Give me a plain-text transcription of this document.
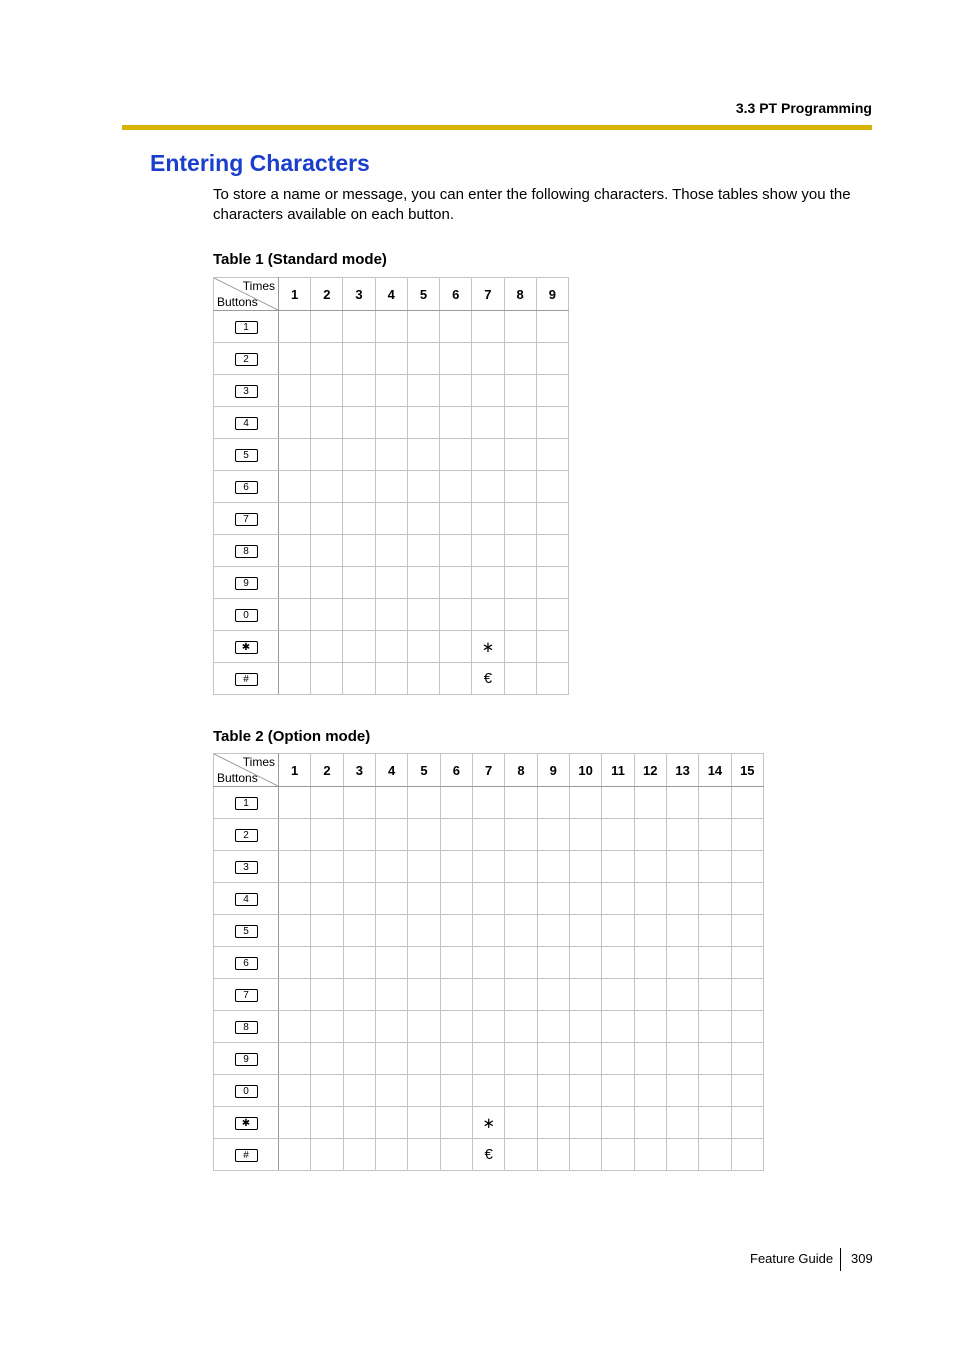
3.3 PT Programming
Entering Characters

To store a name or message, you can enter the following characters. Those tables show you the characters available on each button.

Table 1 (Standard mode)
Times
Buttons	1	2	3	4	5	6	7	8	9
1									
2									
3									
4									
5									
6									
7									
8									
9									
0									
✱							∗		
#							€		
Table 2 (Option mode)
Times
Buttons	1	2	3	4	5	6	7	8	9	10	11	12	13	14	15
1															
2															
3															
4															
5															
6															
7															
8															
9															
0															
✱							∗								
#							€								
Feature Guide 309
